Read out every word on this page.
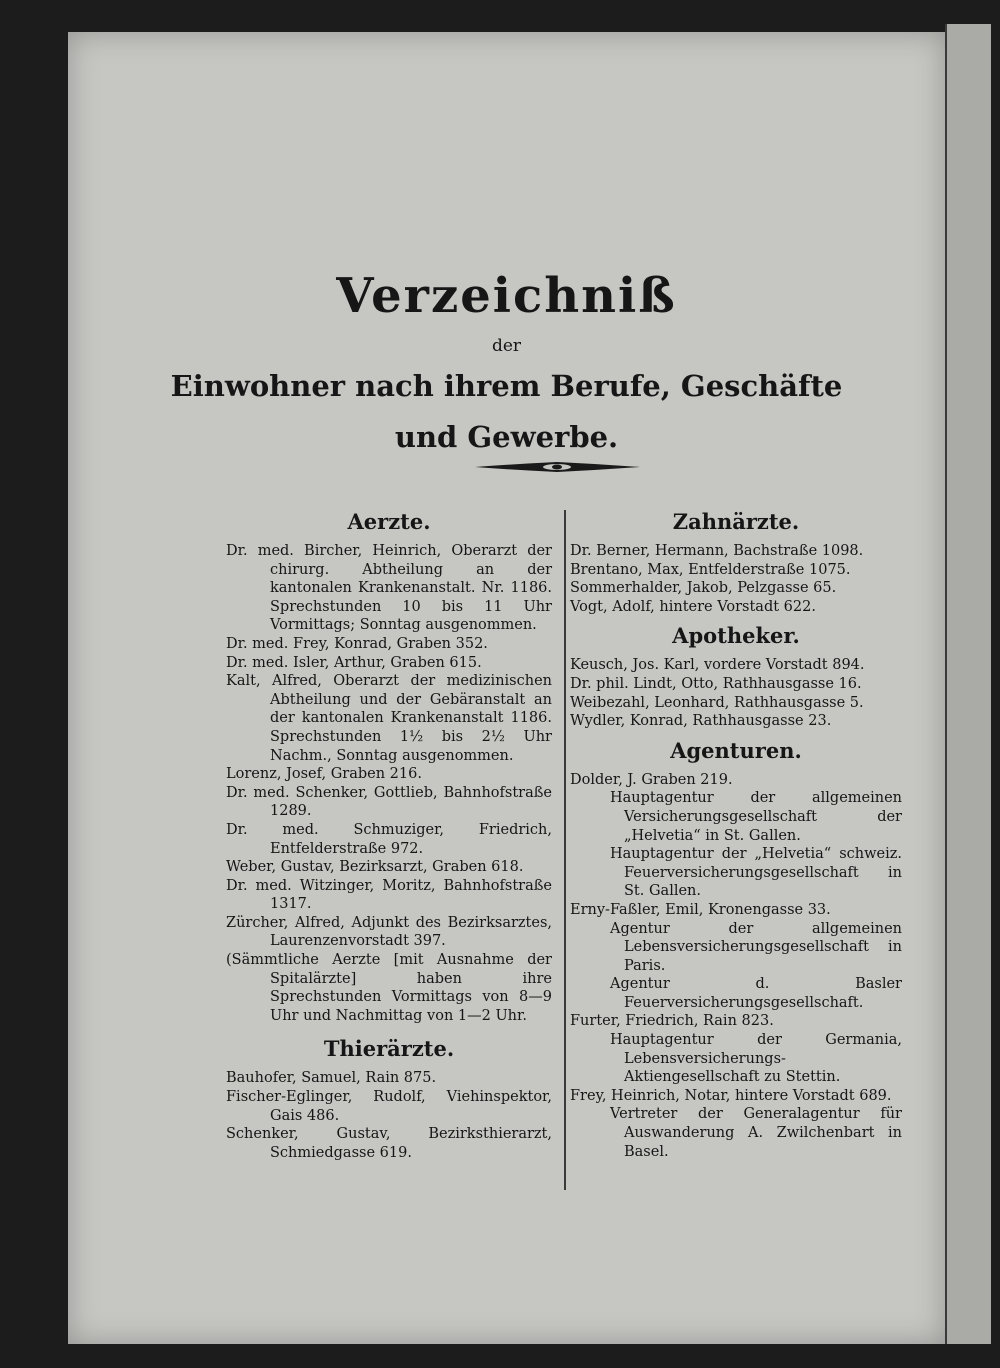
Verzeichniß
der
Einwohner nach ihrem Berufe, Geschäfte
und Gewerbe.
Aerzte.

Dr. med. Bircher, Heinrich, Oberarzt der chirurg. Abtheilung an der kantonalen Krankenanstalt. Nr. 1186. Sprechstunden 10 bis 11 Uhr Vormittags; Sonntag ausgenommen.

Dr. med. Frey, Konrad, Graben 352.

Dr. med. Isler, Arthur, Graben 615.

Kalt, Alfred, Oberarzt der medizinischen Abtheilung und der Gebäranstalt an der kantonalen Krankenanstalt 1186. Sprechstunden 1½ bis 2½ Uhr Nachm., Sonntag ausgenommen.

Lorenz, Josef, Graben 216.

Dr. med. Schenker, Gottlieb, Bahnhofstraße 1289.

Dr. med. Schmuziger, Friedrich, Entfelderstraße 972.

Weber, Gustav, Bezirksarzt, Graben 618.

Dr. med. Witzinger, Moritz, Bahnhofstraße 1317.

Zürcher, Alfred, Adjunkt des Bezirksarztes, Laurenzenvorstadt 397.

(Sämmtliche Aerzte [mit Ausnahme der Spitalärzte] haben ihre Sprechstunden Vormittags von 8—9 Uhr und Nachmittag von 1—2 Uhr.

Thierärzte.

Bauhofer, Samuel, Rain 875.

Fischer-Eglinger, Rudolf, Viehinspektor, Gais 486.

Schenker, Gustav, Bezirksthierarzt, Schmiedgasse 619.

Zahnärzte.

Dr. Berner, Hermann, Bachstraße 1098.

Brentano, Max, Entfelderstraße 1075.

Sommerhalder, Jakob, Pelzgasse 65.

Vogt, Adolf, hintere Vorstadt 622.

Apotheker.

Keusch, Jos. Karl, vordere Vorstadt 894.

Dr. phil. Lindt, Otto, Rathhausgasse 16.

Weibezahl, Leonhard, Rathhausgasse 5.

Wydler, Konrad, Rathhausgasse 23.

Agenturen.

Dolder, J. Graben 219.

Hauptagentur der allgemeinen Versicherungsgesellschaft der „Helvetia“ in St. Gallen.

Hauptagentur der „Helvetia“ schweiz. Feuerversicherungsgesellschaft in St. Gallen.

Erny-Faßler, Emil, Kronengasse 33.

Agentur der allgemeinen Lebensversicherungsgesellschaft in Paris.

Agentur d. Basler Feuerversicherungsgesellschaft.

Furter, Friedrich, Rain 823.

Hauptagentur der Germania, Lebensversicherungs-Aktiengesellschaft zu Stettin.

Frey, Heinrich, Notar, hintere Vorstadt 689.

Vertreter der Generalagentur für Auswanderung A. Zwilchenbart in Basel.
